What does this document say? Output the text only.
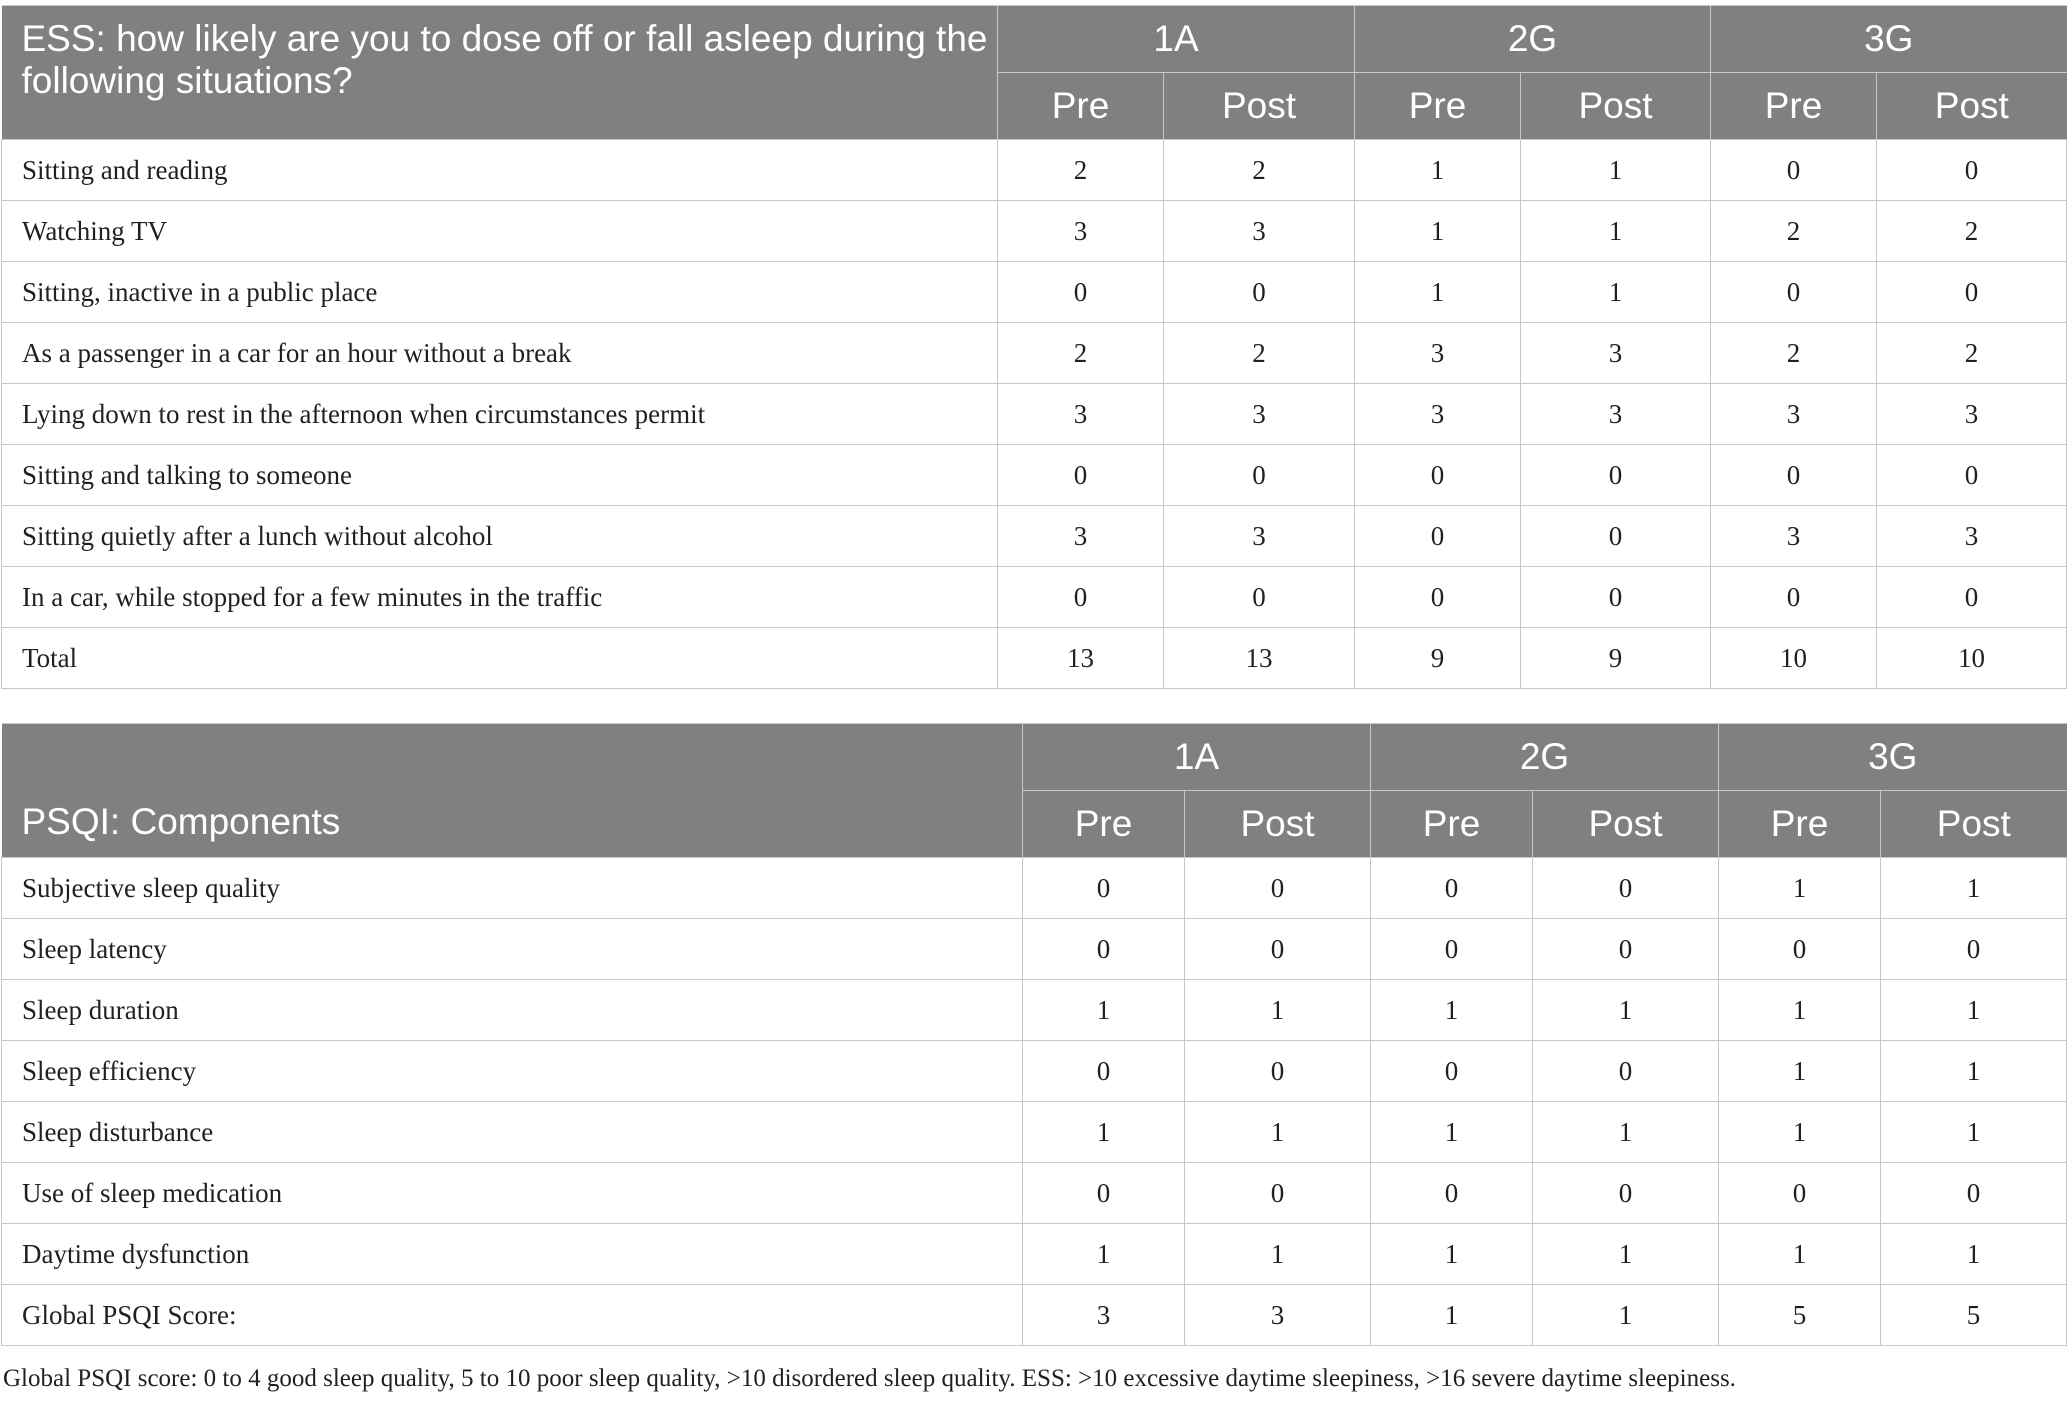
ESS: how likely are you to dose off or fall asleep during the following situations?	1A		2G		3G	
	Pre	Post	Pre	Post	Pre	Post
Sitting and reading	2	2	1	1	0	0
Watching TV	3	3	1	1	2	2
Sitting, inactive in a public place	0	0	1	1	0	0
As a passenger in a car for an hour without a break	2	2	3	3	2	2
Lying down to rest in the afternoon when circumstances permit	3	3	3	3	3	3
Sitting and talking to someone	0	0	0	0	0	0
Sitting quietly after a lunch without alcohol	3	3	0	0	3	3
In a car, while stopped for a few minutes in the traffic	0	0	0	0	0	0
Total	13	13	9	9	10	10
PSQI: Components	1A		2G		3G	
	Pre	Post	Pre	Post	Pre	Post
Subjective sleep quality	0	0	0	0	1	1
Sleep latency	0	0	0	0	0	0
Sleep duration	1	1	1	1	1	1
Sleep efficiency	0	0	0	0	1	1
Sleep disturbance	1	1	1	1	1	1
Use of sleep medication	0	0	0	0	0	0
Daytime dysfunction	1	1	1	1	1	1
Global PSQI Score:	3	3	1	1	5	5
Global PSQI score: 0 to 4 good sleep quality, 5 to 10 poor sleep quality, >10 disordered sleep quality. ESS: >10 excessive daytime sleepiness, >16 severe daytime sleepiness.
